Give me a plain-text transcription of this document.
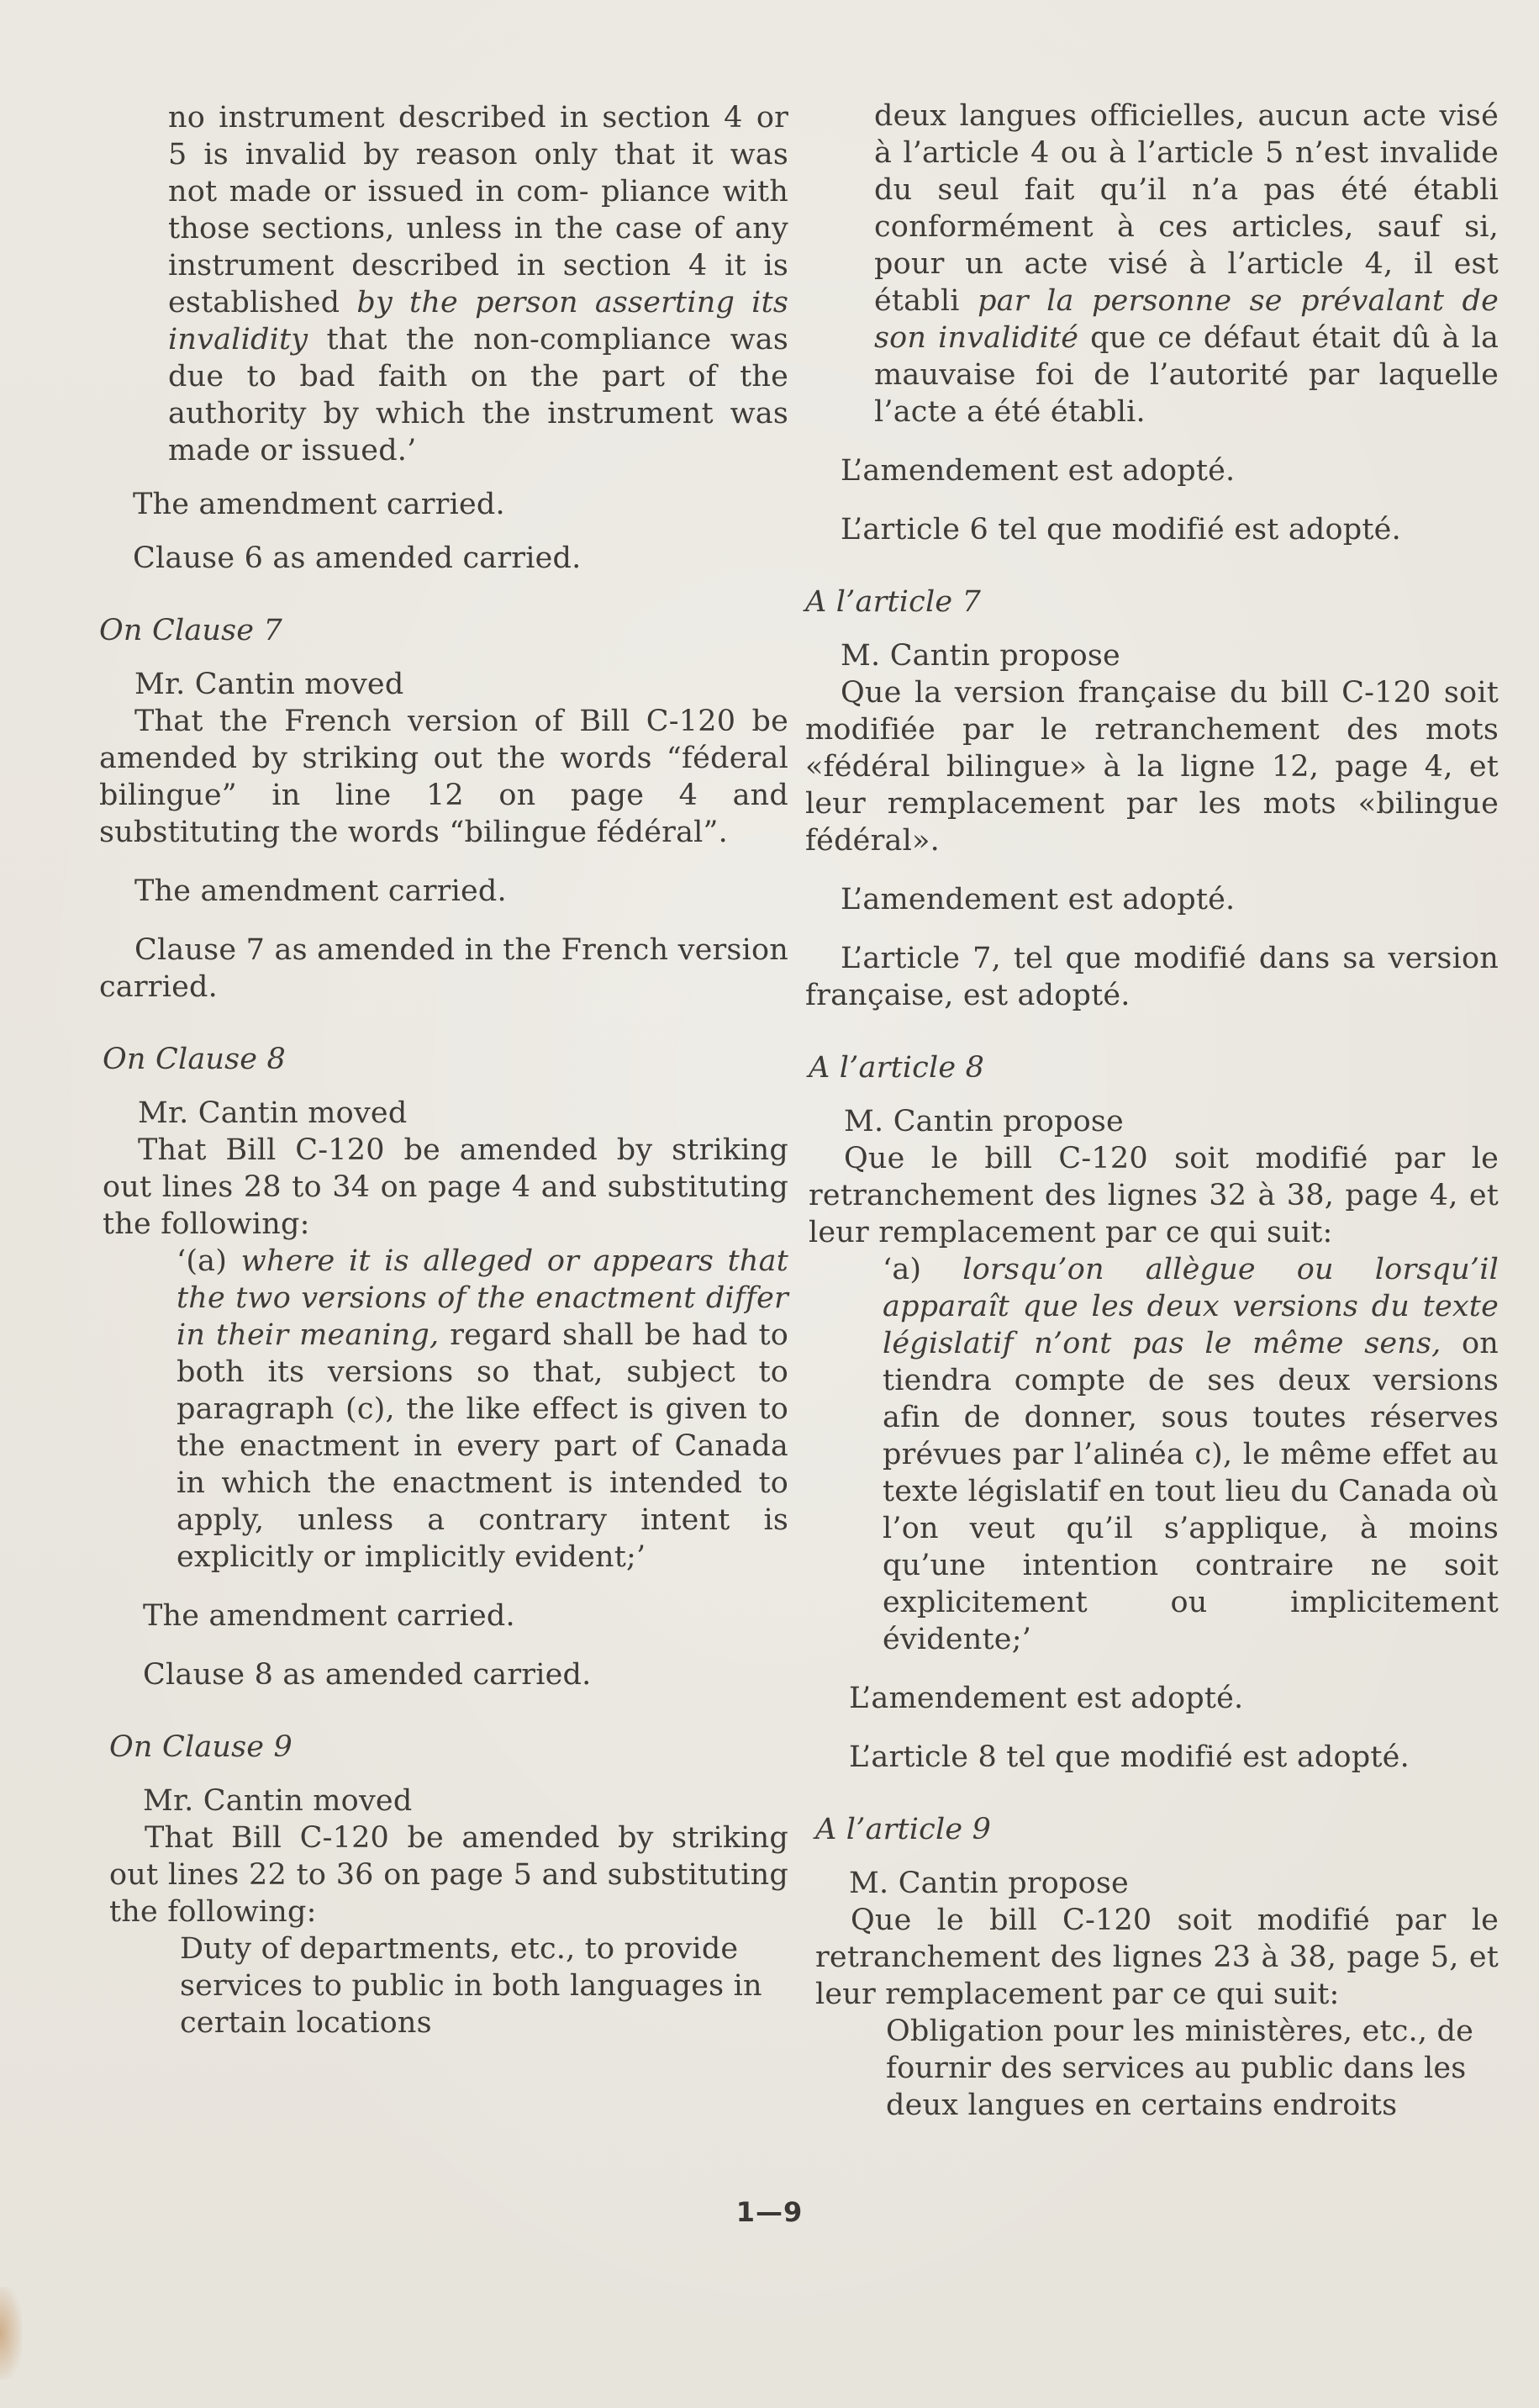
no instrument described in section 4 or 5 is invalid by reason only that it was not made or issued in com- pliance with those sections, unless in the case of any instrument described in section 4 it is established by the person asserting its invalidity that the non-compliance was due to bad faith on the part of the authority by which the instrument was made or issued.’

The amendment carried.

Clause 6 as amended carried.

On Clause 7

Mr. Cantin moved

That the French version of Bill C-120 be amended by striking out the words “féderal bilingue” in line 12 on page 4 and substituting the words “bilingue fédéral”.

The amendment carried.

Clause 7 as amended in the French version carried.

On Clause 8

Mr. Cantin moved

That Bill C-120 be amended by striking out lines 28 to 34 on page 4 and substituting the following:

‘(a) where it is alleged or appears that the two versions of the enactment differ in their meaning, regard shall be had to both its versions so that, subject to paragraph (c), the like effect is given to the enactment in every part of Canada in which the enactment is intended to apply, unless a contrary intent is explicitly or implicitly evident;’

The amendment carried.

Clause 8 as amended carried.

On Clause 9

Mr. Cantin moved

That Bill C-120 be amended by striking out lines 22 to 36 on page 5 and substituting the following:

Duty of departments, etc., to provide services to public in both languages in certain locations

deux langues officielles, aucun acte visé à l’article 4 ou à l’article 5 n’est invalide du seul fait qu’il n’a pas été établi conformément à ces articles, sauf si, pour un acte visé à l’article 4, il est établi par la personne se prévalant de son invalidité que ce défaut était dû à la mauvaise foi de l’autorité par laquelle l’acte a été établi.

L’amendement est adopté.

L’article 6 tel que modifié est adopté.

A l’article 7

M. Cantin propose

Que la version française du bill C-120 soit modifiée par le retranchement des mots «fédéral bilingue» à la ligne 12, page 4, et leur remplacement par les mots «bilingue fédéral».

L’amendement est adopté.

L’article 7, tel que modifié dans sa version française, est adopté.

A l’article 8

M. Cantin propose

Que le bill C-120 soit modifié par le retranchement des lignes 32 à 38, page 4, et leur remplacement par ce qui suit:

‘a) lorsqu’on allègue ou lorsqu’il apparaît que les deux versions du texte législatif n’ont pas le même sens, on tiendra compte de ses deux versions afin de donner, sous toutes réserves prévues par l’alinéa c), le même effet au texte législatif en tout lieu du Canada où l’on veut qu’il s’applique, à moins qu’une intention contraire ne soit explicitement ou implicitement évidente;’

L’amendement est adopté.

L’article 8 tel que modifié est adopté.

A l’article 9

M. Cantin propose

Que le bill C-120 soit modifié par le retranchement des lignes 23 à 38, page 5, et leur remplacement par ce qui suit:

Obligation pour les ministères, etc., de fournir des services au public dans les deux langues en certains endroits

1—9
